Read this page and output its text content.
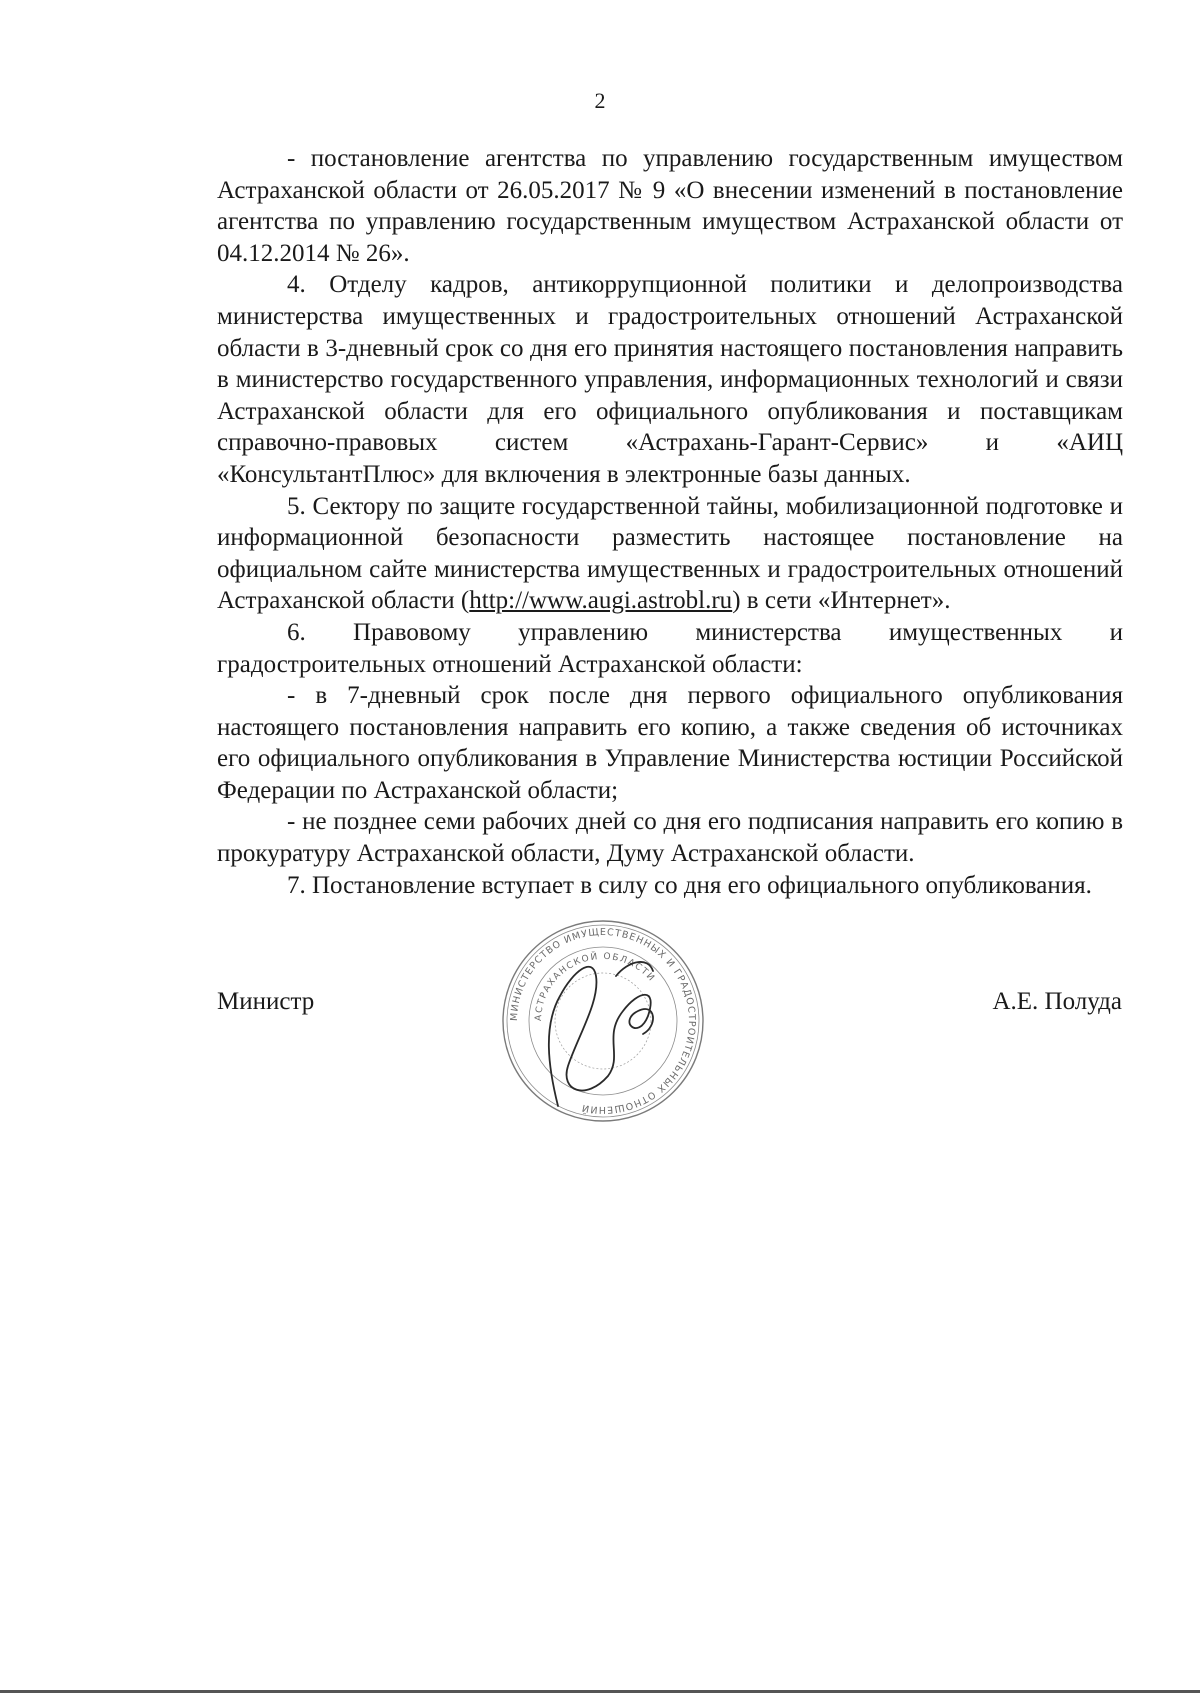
2

- постановление агентства по управлению государственным имуществом Астраханской области от 26.05.2017 № 9 «О внесении изменений в постановление агентства по управлению государственным имуществом Астраханской области от 04.12.2014 № 26».

4. Отделу кадров, антикоррупционной политики и делопроизводства министерства имущественных и градостроительных отношений Астраханской области в 3-дневный срок со дня его принятия настоящего постановления направить в министерство государственного управления, информационных технологий и связи Астраханской области для его официального опубликования и поставщикам справочно-правовых систем «Астрахань-Гарант-Сервис» и «АИЦ «КонсультантПлюс» для включения в электронные базы данных.

5. Сектору по защите государственной тайны, мобилизационной подготовке и информационной безопасности разместить настоящее постановление на официальном сайте министерства имущественных и градостроительных отношений Астраханской области (http://www.augi.astrobl.ru) в сети «Интернет».

6. Правовому управлению министерства имущественных и градостроительных отношений Астраханской области:

- в 7-дневный срок после дня первого официального опубликования настоящего постановления направить его копию, а также сведения об источниках его официального опубликования в Управление Министерства юстиции Российской Федерации по Астраханской области;

- не позднее семи рабочих дней со дня его подписания направить его копию в прокуратуру Астраханской области, Думу Астраханской области.

7. Постановление вступает в силу со дня его официального опубликования.

Министр
МИНИСТЕРСТВО ИМУЩЕСТВЕННЫХ И ГРАДОСТРОИТЕЛЬНЫХ ОТНОШЕНИЙ
АСТРАХАНСКОЙ ОБЛАСТИ
А.Е. Полуда
